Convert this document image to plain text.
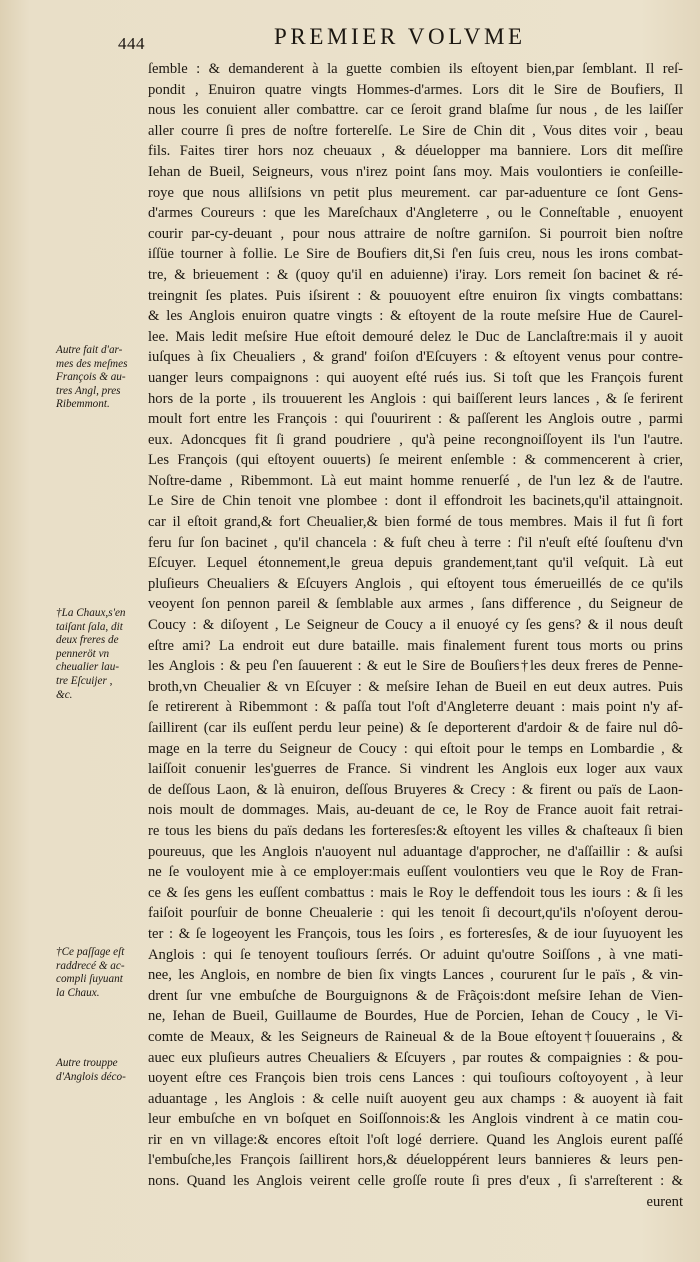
444	PREMIER VOLVME
ſemble : & demanderent à la guette combien ils eſtoyent bien,par ſemblant. Il reſ-
pondit , Enuiron quatre vingts Hommes-d'armes. Lors dit le Sire de Boufiers, Il
nous les conuient aller combattre. car ce ſeroit grand blaſme ſur nous , de les laiſſer
aller courre ſi pres de noſtre forterelſe. Le Sire de Chin dit , Vous dites voir , beau
fils. Faites tirer hors noz cheuaux , & déuelopper ma banniere. Lors dit meſſire
Iehan de Bueil, Seigneurs, vous n'irez point ſans moy. Mais voulontiers ie conſeille-
roye que nous alliſsions vn petit plus meurement. car par-aduenture ce ſont Gens-
d'armes Coureurs : que les Mareſchaux d'Angleterre , ou le Conneſtable , enuoyent
courir par-cy-deuant , pour nous attraire de noſtre garniſon. Si pourroit bien noſtre
iſſüe tourner à follie. Le Sire de Boufiers dit,Si ſ'en ſuis creu, nous les irons combat-
tre, & brieuement : & (quoy qu'il en aduienne) i'iray. Lors remeit ſon bacinet & ré-
treingnit ſes plates. Puis iſsirent : & pouuoyent eſtre enuiron ſix vingts combattans:
& les Anglois enuiron quatre vingts : & eſtoyent de la route meſsire Hue de Caurel-
lee. Mais ledit meſsire Hue eſtoit demouré delez le Duc de Lanclaſtre:mais il y auoit
iuſques à ſix Cheualiers , & grand' foiſon d'Eſcuyers : & eſtoyent venus pour contre-
uanger leurs compaignons : qui auoyent eſté rués ius. Si toſt que les François furent
hors de la porte , ils trouuerent les Anglois : qui baiſſerent leurs lances , & ſe ferirent
moult fort entre les François : qui ſ'ouurirent : & paſſerent les Anglois outre , parmi
eux. Adoncques fit ſi grand poudriere , qu'à peine recongnoiſſoyent ils l'un l'autre.
Les François (qui eſtoyent ouuerts) ſe meirent enſemble : & commencerent à crier,
Noſtre-dame , Ribemmont. Là eut maint homme renuerſé , de l'un lez & de l'autre.
Le Sire de Chin tenoit vne plombee : dont il effondroit les bacinets,qu'il attaingnoit.
car il eſtoit grand,& fort Cheualier,& bien formé de tous membres. Mais il fut ſi fort
feru ſur ſon bacinet , qu'il chancela : & fuſt cheu à terre : ſ'il n'euſt eſté ſouſtenu d'vn
Eſcuyer. Lequel étonnement,le greua depuis grandement,tant qu'il veſquit. Là eut
pluſieurs Cheualiers & Eſcuyers Anglois , qui eſtoyent tous émerueillés de ce qu'ils
veoyent ſon pennon pareil & ſemblable aux armes , ſans difference , du Seigneur de
Coucy : & diſoyent , Le Seigneur de Coucy a il enuoyé cy ſes gens? & il nous deuſt
eſtre ami? La endroit eut dure bataille. mais finalement furent tous morts ou prins
les Anglois : & peu ſ'en ſauuerent : & eut le Sire de Bouſiers†les deux freres de Penne-
broth,vn Cheualier & vn Eſcuyer : & meſsire Iehan de Bueil en eut deux autres. Puis
ſe retirerent à Ribemmont : & paſſa tout l'oſt d'Angleterre deuant : mais point n'y af-
ſaillirent (car ils euſſent perdu leur peine) & ſe deporterent d'ardoir & de faire nul dô-
mage en la terre du Seigneur de Coucy : qui eſtoit pour le temps en Lombardie , &
laiſſoit conuenir les'guerres de France. Si vindrent les Anglois eux loger aux vaux
de deſſous Laon, & là enuiron, deſſous Bruyeres & Crecy : & firent ou païs de Laon-
nois moult de dommages. Mais, au-deuant de ce, le Roy de France auoit fait retrai-
re tous les biens du païs dedans les forteresſes:& eſtoyent les villes & chaſteaux ſi bien
poureuus, que les Anglois n'auoyent nul aduantage d'approcher, ne d'aſſaillir : & auſsi
ne ſe vouloyent mie à ce employer:mais euſſent voulontiers veu que le Roy de Fran-
ce & ſes gens les euſſent combattus : mais le Roy le deffendoit tous les iours : & ſi les
faiſoit pourſuir de bonne Cheualerie : qui les tenoit ſi decourt,qu'ils n'oſoyent derou-
ter : & ſe logeoyent les François, tous les ſoirs , es forteresſes, & de iour ſuyuoyent les
Anglois : qui ſe tenoyent touſiours ſerrés. Or aduint qu'outre Soiſſons , à vne mati-
nee, les Anglois, en nombre de bien ſix vingts Lances , coururent ſur le païs , & vin-
drent ſur vne embuſche de Bourguignons & de Frãçois:dont meſsire Iehan de Vien-
ne, Iehan de Bueil, Guillaume de Bourdes, Hue de Porcien, Iehan de Coucy , le Vi-
comte de Meaux, & les Seigneurs de Raineual & de la Boue eſtoyent†ſouuerains , &
auec eux pluſieurs autres Cheualiers & Eſcuyers , par routes & compaignies : & pou-
uoyent eſtre ces François bien trois cens Lances : qui touſiours coſtoyoyent , à leur
aduantage , les Anglois : & celle nuiſt auoyent geu aux champs : & auoyent ià fait
leur embuſche en vn boſquet en Soiſſonnois:& les Anglois vindrent à ce matin cou-
rir en vn village:& encores eſtoit l'oſt logé derriere. Quand les Anglois eurent paſſé
l'embuſche,les François ſaillirent hors,& déueloppérent leurs bannieres & leurs pen-
nons. Quand les Anglois veirent celle groſſe route ſi pres d'eux , ſi s'arreſterent : &
eurent
Autre fait d'ar-
mes des meſmes
François & au-
tres Angl, pres
Ribemmont.
†La Chaux,s'en
taiſant ſala, dit
deux freres de
penneröt vn
cheualier lau-
tre Eſcuijer ,
&c.
†Ce paſſage eſt
raddrecé & ac-
compli ſuyuant
la Chaux.
Autre trouppe
d'Anglois déco-
